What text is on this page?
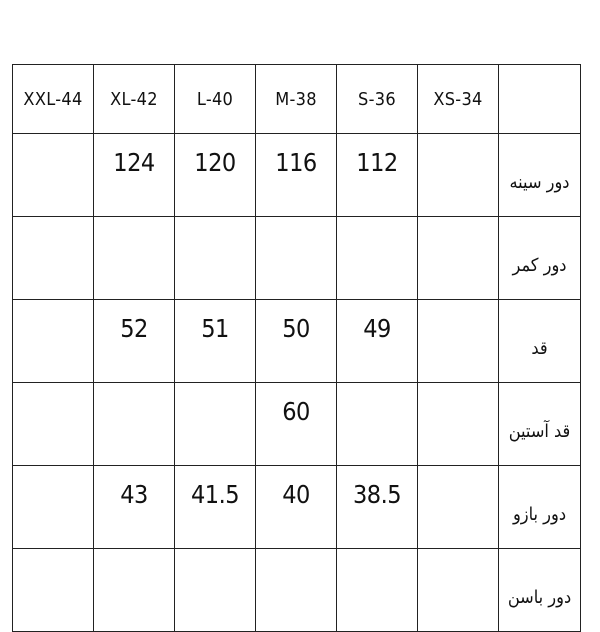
XXL-44	XL-42	L-40	M-38	S-36	XS-34	
	124	120	116	112		دور سینه
						دور کمر
	52	51	50	49		قد
			60			قد آستین
	43	41.5	40	38.5		دور بازو
						دور باسن
